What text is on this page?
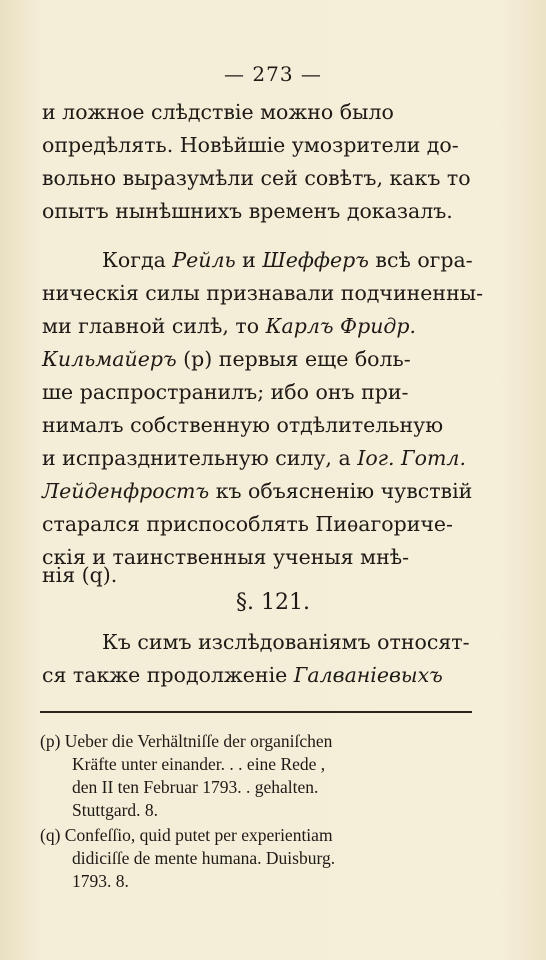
— 273 —
и ложное слѣдствіе можно было
опредѣлять. Новѣйшіе умозрители до-
вольно выразумѣли сей совѣтъ, какъ то
опытъ нынѣшнихъ временъ доказалъ.
Когда Рейль и Шефферъ всѣ огра-
ническія силы признавали подчиненны-
ми главной силѣ, то Карлъ Фридр.
Кильмайеръ (р) первыя еще боль-
ше распространилъ; ибо онъ при-
нималъ собственную отдѣлительную
и испразднительную силу, а Іог. Готл.
Лейденфростъ къ объясненію чувствій
старался приспособлять Пиѳагориче-
скія и таинственныя ученыя мнѣ-
нія (q).
§. 121.
Къ симъ изслѣдованіямъ относят-
ся также продолженіе Галваніевыхъ
(р) Ueber die Verhältniſſe der organiſchen
Kräfte unter einander. . . eine Rede ,
den II ten Februar 1793. . gehalten.
Stuttgard. 8.
(q) Confeſſio, quid putet per experientiam
didiciſſe de mente humana. Duisburg.
1793. 8.
